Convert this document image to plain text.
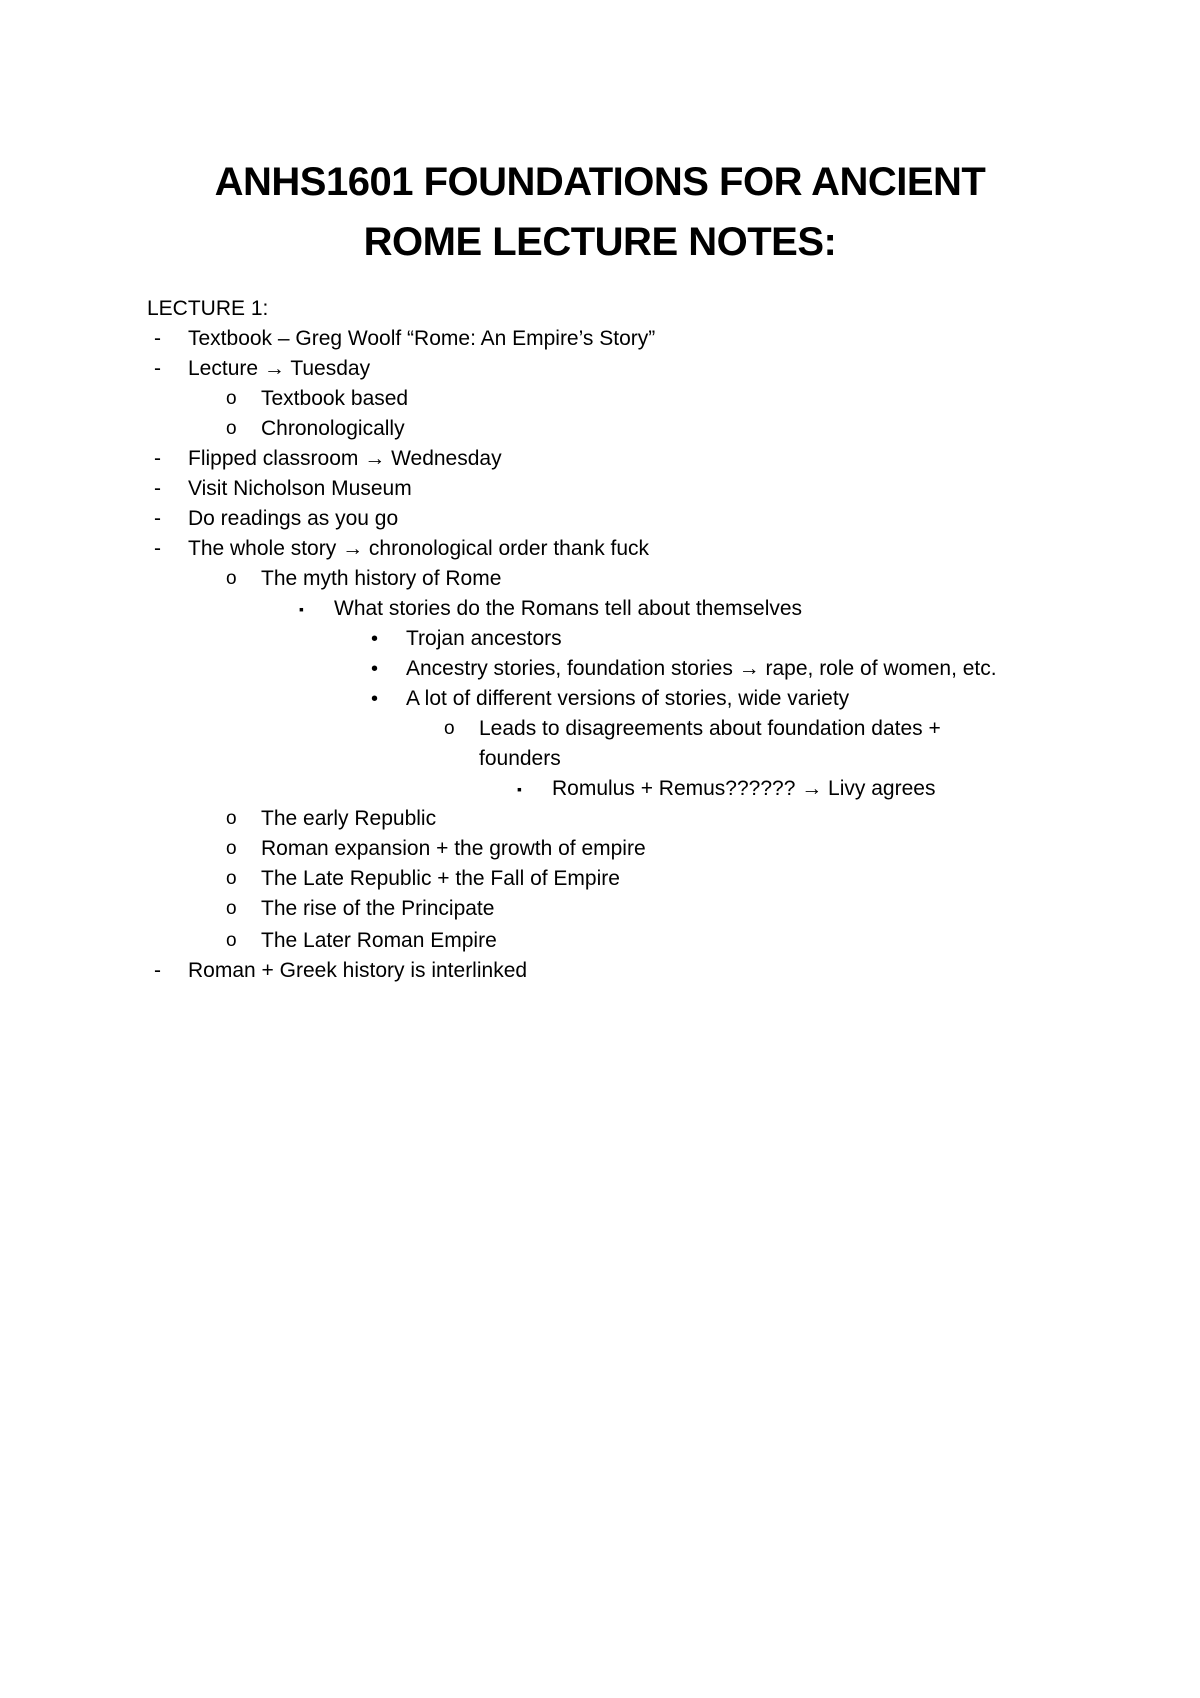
ANHS1601 FOUNDATIONS FOR ANCIENT
ROME LECTURE NOTES:
LECTURE 1:
- Textbook – Greg Woolf “Rome: An Empire’s Story”
- Lecture → Tuesday
o Textbook based
o Chronologically
- Flipped classroom → Wednesday
- Visit Nicholson Museum
- Do readings as you go
- The whole story → chronological order thank fuck
o The myth history of Rome
▪ What stories do the Romans tell about themselves
• Trojan ancestors
• Ancestry stories, foundation stories → rape, role of women, etc.
• A lot of different versions of stories, wide variety
o Leads to disagreements about foundation dates +
founders
▪ Romulus + Remus?????? → Livy agrees
o The early Republic
o Roman expansion + the growth of empire
o The Late Republic + the Fall of Empire
o The rise of the Principate
o The Later Roman Empire
- Roman + Greek history is interlinked
